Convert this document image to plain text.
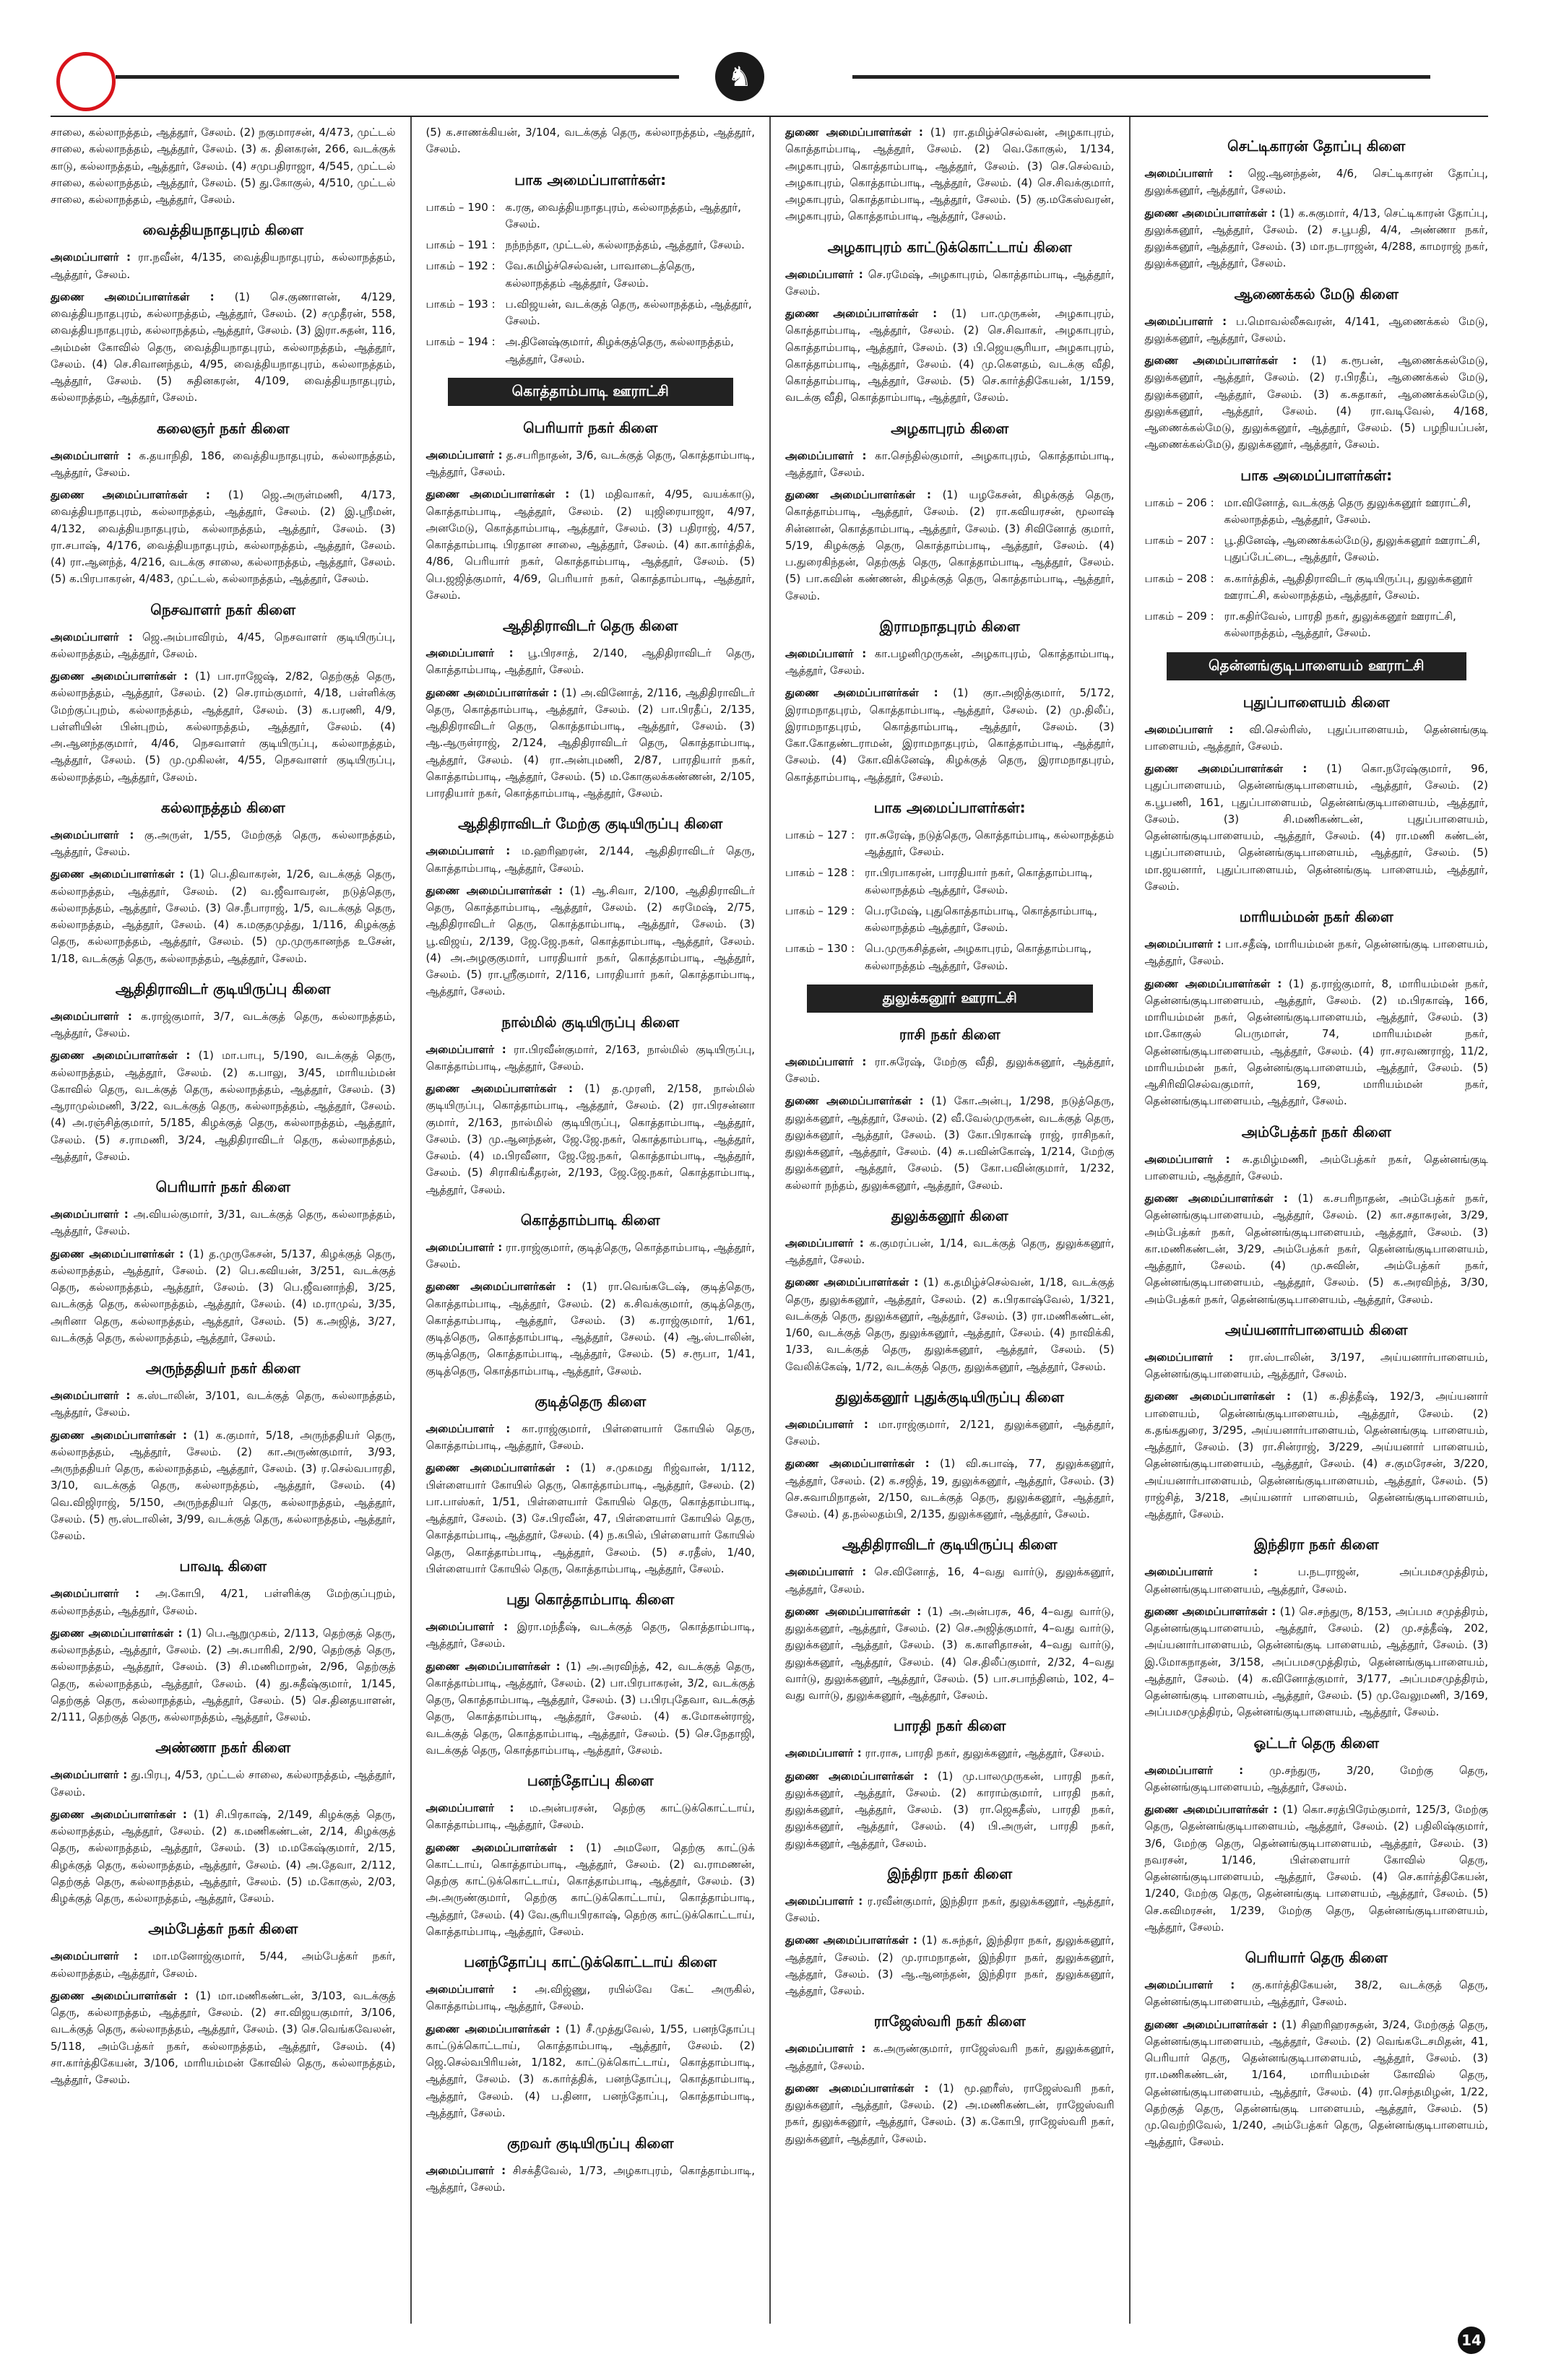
♞

சாலை, கல்லாநத்தம், ஆத்தூர், சேலம். (2) நகுமாரசன், 4/473, முட்டல் சாலை, கல்லாநத்தம், ஆத்தூர், சேலம். (3) க. தினகரன், 266, வடக்குக் காடு, கல்லாநத்தம், ஆத்தூர், சேலம். (4) சமுபதிராஜா, 4/545, முட்டல் சாலை, கல்லாநத்தம், ஆத்தூர், சேலம். (5) து.கோகுல், 4/510, முட்டல் சாலை, கல்லாநத்தம், ஆத்தூர், சேலம்.

வைத்தியநாதபுரம் கிளை

அமைப்பாளர் : ரா.நவீன், 4/135, வைத்தியநாதபுரம், கல்லாநத்தம், ஆத்தூர், சேலம்.

துணை அமைப்பாளர்கள் : (1) செ.குணாளன், 4/129, வைத்தியநாதபுரம், கல்லாநத்தம், ஆத்தூர், சேலம். (2) சமுதீரன், 558, வைத்தியநாதபுரம், கல்லாநத்தம், ஆத்தூர், சேலம். (3) இரா.சுதன், 116, அம்மன் கோவில் தெரு, வைத்தியநாதபுரம், கல்லாநத்தம், ஆத்தூர், சேலம். (4) செ.சிவானந்தம், 4/95, வைத்தியநாதபுரம், கல்லாநத்தம், ஆத்தூர், சேலம். (5) சுதினகரன், 4/109, வைத்தியநாதபுரம், கல்லாநத்தம், ஆத்தூர், சேலம்.

கலைஞர் நகர் கிளை

அமைப்பாளர் : க.தயாநிதி, 186, வைத்தியநாதபுரம், கல்லாநத்தம், ஆத்தூர், சேலம்.

துணை அமைப்பாளர்கள் : (1) ஜெ.அருள்மணி, 4/173, வைத்தியநாதபுரம், கல்லாநத்தம், ஆத்தூர், சேலம். (2) இ.ஸ்ரீமன், 4/132, வைத்தியநாதபுரம், கல்லாநத்தம், ஆத்தூர், சேலம். (3) ரா.சபாஷ், 4/176, வைத்தியநாதபுரம், கல்லாநத்தம், ஆத்தூர், சேலம். (4) ரா.ஆனந்த், 4/216, வடக்கு சாலை, கல்லாநத்தம், ஆத்தூர், சேலம். (5) க.பிரபாகரன், 4/483, முட்டல், கல்லாநத்தம், ஆத்தூர், சேலம்.

நெசவாளர் நகர் கிளை

அமைப்பாளர் : ஜெ.அம்பாவிரம், 4/45, நெசவாளர் குடியிருப்பு, கல்லாநத்தம், ஆத்தூர், சேலம்.

துணை அமைப்பாளர்கள் : (1) பா.ராஜேஷ், 2/82, தெற்குத் தெரு, கல்லாநத்தம், ஆத்தூர், சேலம். (2) செ.ராம்குமார், 4/18, பள்ளிக்கு மேற்குப்புறம், கல்லாநத்தம், ஆத்தூர், சேலம். (3) க.பரணி, 4/9, பள்ளியின் பின்புறம், கல்லாநத்தம், ஆத்தூர், சேலம். (4) அ.ஆனந்தகுமார், 4/46, நெசவாளர் குடியிருப்பு, கல்லாநத்தம், ஆத்தூர், சேலம். (5) மு.முகிலன், 4/55, நெசவாளர் குடியிருப்பு, கல்லாநத்தம், ஆத்தூர், சேலம்.

கல்லாநத்தம் கிளை

அமைப்பாளர் : கு.அருள், 1/55, மேற்குத் தெரு, கல்லாநத்தம், ஆத்தூர், சேலம்.

துணை அமைப்பாளர்கள் : (1) பெ.திவாகரன், 1/26, வடக்குத் தெரு, கல்லாநத்தம், ஆத்தூர், சேலம். (2) வ.ஜீவாவரன், நடுத்தெரு, கல்லாநத்தம், ஆத்தூர், சேலம். (3) செ.நீபாராஜ், 1/5, வடக்குத் தெரு, கல்லாநத்தம், ஆத்தூர், சேலம். (4) க.மகுதமுத்து, 1/116, கிழக்குத் தெரு, கல்லாநத்தம், ஆத்தூர், சேலம். (5) மு.முருகானந்த உசேன், 1/18, வடக்குத் தெரு, கல்லாநத்தம், ஆத்தூர், சேலம்.

ஆதிதிராவிடர் குடியிருப்பு கிளை

அமைப்பாளர் : க.ராஜ்குமார், 3/7, வடக்குத் தெரு, கல்லாநத்தம், ஆத்தூர், சேலம்.

துணை அமைப்பாளர்கள் : (1) மா.பாபு, 5/190, வடக்குத் தெரு, கல்லாநத்தம், ஆத்தூர், சேலம். (2) க.பாலு, 3/45, மாரியம்மன் கோவில் தெரு, வடக்குத் தெரு, கல்லாநத்தம், ஆத்தூர், சேலம். (3) ஆராமுல்மணி, 3/22, வடக்குத் தெரு, கல்லாநத்தம், ஆத்தூர், சேலம். (4) அ.ரஞ்சித்குமார், 5/185, கிழக்குத் தெரு, கல்லாநத்தம், ஆத்தூர், சேலம். (5) ச.ராமணி, 3/24, ஆதிதிராவிடர் தெரு, கல்லாநத்தம், ஆத்தூர், சேலம்.

பெரியார் நகர் கிளை

அமைப்பாளர் : அ.வியல்குமார், 3/31, வடக்குத் தெரு, கல்லாநத்தம், ஆத்தூர், சேலம்.

துணை அமைப்பாளர்கள் : (1) த.முருகேசன், 5/137, கிழக்குத் தெரு, கல்லாநத்தம், ஆத்தூர், சேலம். (2) பெ.கவியன், 3/251, வடக்குத் தெரு, கல்லாநத்தம், ஆத்தூர், சேலம். (3) பெ.ஜீவனாந்தி, 3/25, வடக்குத் தெரு, கல்லாநத்தம், ஆத்தூர், சேலம். (4) ம.ராமுவ், 3/35, அரினா தெரு, கல்லாநத்தம், ஆத்தூர், சேலம். (5) க.அஜித், 3/27, வடக்குத் தெரு, கல்லாநத்தம், ஆத்தூர், சேலம்.

அருந்ததியர் நகர் கிளை

அமைப்பாளர் : க.ஸ்டாலின், 3/101, வடக்குத் தெரு, கல்லாநத்தம், ஆத்தூர், சேலம்.

துணை அமைப்பாளர்கள் : (1) க.குமார், 5/18, அருந்ததியர் தெரு, கல்லாநத்தம், ஆத்தூர், சேலம். (2) கா.அருண்குமார், 3/93, அருந்ததியர் தெரு, கல்லாநத்தம், ஆத்தூர், சேலம். (3) ர.செல்வபாரதி, 3/10, வடக்குத் தெரு, கல்லாநத்தம், ஆத்தூர், சேலம். (4) வெ.விஜிராஜ், 5/150, அருந்ததியர் தெரு, கல்லாநத்தம், ஆத்தூர், சேலம். (5) ரூ.ஸ்டாலின், 3/99, வடக்குத் தெரு, கல்லாநத்தம், ஆத்தூர், சேலம்.

பாவடி கிளை

அமைப்பாளர் : அ.கோபி, 4/21, பள்ளிக்கு மேற்குப்புறம், கல்லாநத்தம், ஆத்தூர், சேலம்.

துணை அமைப்பாளர்கள் : (1) பெ.ஆறுமுகம், 2/113, தெற்குத் தெரு, கல்லாநத்தம், ஆத்தூர், சேலம். (2) அ.சுபாரிகி, 2/90, தெற்குத் தெரு, கல்லாநத்தம், ஆத்தூர், சேலம். (3) சி.மணிமாறன், 2/96, தெற்குத் தெரு, கல்லாநத்தம், ஆத்தூர், சேலம். (4) து.சுதீஷ்குமார், 1/145, தெற்குத் தெரு, கல்லாநத்தம், ஆத்தூர், சேலம். (5) செ.தினதயாளன், 2/111, தெற்குத் தெரு, கல்லாநத்தம், ஆத்தூர், சேலம்.

அண்ணா நகர் கிளை

அமைப்பாளர் : து.பிரபு, 4/53, முட்டல் சாலை, கல்லாநத்தம், ஆத்தூர், சேலம்.

துணை அமைப்பாளர்கள் : (1) சி.பிரகாஷ், 2/149, கிழக்குத் தெரு, கல்லாநத்தம், ஆத்தூர், சேலம். (2) க.மணிகண்டன், 2/14, கிழக்குத் தெரு, கல்லாநத்தம், ஆத்தூர், சேலம். (3) ம.மகேஷ்குமார், 2/15, கிழக்குத் தெரு, கல்லாநத்தம், ஆத்தூர், சேலம். (4) அ.தேவா, 2/112, தெற்குத் தெரு, கல்லாநத்தம், ஆத்தூர், சேலம். (5) ம.கோகுல், 2/03, கிழக்குத் தெரு, கல்லாநத்தம், ஆத்தூர், சேலம்.

அம்பேத்கர் நகர் கிளை

அமைப்பாளர் : மா.மனோஜ்குமார், 5/44, அம்பேத்கர் நகர், கல்லாநத்தம், ஆத்தூர், சேலம்.

துணை அமைப்பாளர்கள் : (1) மா.மணிகண்டன், 3/103, வடக்குத் தெரு, கல்லாநத்தம், ஆத்தூர், சேலம். (2) சா.விஜயகுமார், 3/106, வடக்குத் தெரு, கல்லாநத்தம், ஆத்தூர், சேலம். (3) செ.வெங்கவேலன், 5/118, அம்பேத்கர் நகர், கல்லாநத்தம், ஆத்தூர், சேலம். (4) சா.கார்த்திகேயன், 3/106, மாரியம்மன் கோவில் தெரு, கல்லாநத்தம், ஆத்தூர், சேலம்.

(5) க.சாணக்கியன், 3/104, வடக்குத் தெரு, கல்லாநத்தம், ஆத்தூர், சேலம்.

பாக அமைப்பாளர்கள்:
பாகம் – 190 : க.ரகு, வைத்தியநாதபுரம், கல்லாநத்தம், ஆத்தூர், சேலம்.
பாகம் – 191 : நந்நந்தா, முட்டல், கல்லாநத்தம், ஆத்தூர், சேலம்.
பாகம் – 192 : வே.கமிழ்ச்செல்வன், பாவாடைத்தெரு, கல்லாநத்தம் ஆத்தூர், சேலம்.
பாகம் – 193 : ப.விஜயன், வடக்குத் தெரு, கல்லாநத்தம், ஆத்தூர், சேலம்.
பாகம் – 194 : அ.தினேஷ்குமார், கிழக்குத்தெரு, கல்லாநத்தம், ஆத்தூர், சேலம்.
கொத்தாம்பாடி ஊராட்சி
பெரியார் நகர் கிளை

அமைப்பாளர் : த.சபரிநாதன், 3/6, வடக்குத் தெரு, கொத்தாம்பாடி, ஆத்தூர், சேலம்.

துணை அமைப்பாளர்கள் : (1) மதிவாகர், 4/95, வயக்காடு, கொத்தாம்பாடி, ஆத்தூர், சேலம். (2) யுஜிரையாஜா, 4/97, அனமேடு, கொத்தாம்பாடி, ஆத்தூர், சேலம். (3) பதிராஜ், 4/57, கொத்தாம்பாடி பிரதான சாலை, ஆத்தூர், சேலம். (4) கா.கார்த்திக், 4/86, பெரியார் நகர், கொத்தாம்பாடி, ஆத்தூர், சேலம். (5) பெ.ஜஜித்குமார், 4/69, பெரியார் நகர், கொத்தாம்பாடி, ஆத்தூர், சேலம்.

ஆதிதிராவிடர் தெரு கிளை

அமைப்பாளர் : பூ.பிரசாத், 2/140, ஆதிதிராவிடர் தெரு, கொத்தாம்பாடி, ஆத்தூர், சேலம்.

துணை அமைப்பாளர்கள் : (1) அ.வினோத், 2/116, ஆதிதிராவிடர் தெரு, கொத்தாம்பாடி, ஆத்தூர், சேலம். (2) பா.பிரதீப், 2/135, ஆதிதிராவிடர் தெரு, கொத்தாம்பாடி, ஆத்தூர், சேலம். (3) ஆ.ஆருள்ராஜ், 2/124, ஆதிதிராவிடர் தெரு, கொத்தாம்பாடி, ஆத்தூர், சேலம். (4) ரா.அன்புமணி, 2/87, பாரதியார் நகர், கொத்தாம்பாடி, ஆத்தூர், சேலம். (5) ம.கோகுலக்கண்ணன், 2/105, பாரதியார் நகர், கொத்தாம்பாடி, ஆத்தூர், சேலம்.

ஆதிதிராவிடர் மேற்கு குடியிருப்பு கிளை

அமைப்பாளர் : ம.ஹரிஹரன், 2/144, ஆதிதிராவிடர் தெரு, கொத்தாம்பாடி, ஆத்தூர், சேலம்.

துணை அமைப்பாளர்கள் : (1) ஆ.சிவா, 2/100, ஆதிதிராவிடர் தெரு, கொத்தாம்பாடி, ஆத்தூர், சேலம். (2) சுரமேஷ், 2/75, ஆதிதிராவிடர் தெரு, கொத்தாம்பாடி, ஆத்தூர், சேலம். (3) பூ.விஜய், 2/139, ஜே.ஜே.நகர், கொத்தாம்பாடி, ஆத்தூர், சேலம். (4) அ.அழகுகுமார், பாரதியார் நகர், கொத்தாம்பாடி, ஆத்தூர், சேலம். (5) ரா.ஸ்ரீகுமார், 2/116, பாரதியார் நகர், கொத்தாம்பாடி, ஆத்தூர், சேலம்.

நால்மில் குடியிருப்பு கிளை

அமைப்பாளர் : ரா.பிரவீன்குமார், 2/163, நால்மில் குடியிருப்பு, கொத்தாம்பாடி, ஆத்தூர், சேலம்.

துணை அமைப்பாளர்கள் : (1) த.முரளி, 2/158, நால்மில் குடியிருப்பு, கொத்தாம்பாடி, ஆத்தூர், சேலம். (2) ரா.பிரசன்னா குமார், 2/163, நால்மில் குடியிருப்பு, கொத்தாம்பாடி, ஆத்தூர், சேலம். (3) மு.ஆனந்தன், ஜே.ஜே.நகர், கொத்தாம்பாடி, ஆத்தூர், சேலம். (4) ம.பிரவீனா, ஜே.ஜே.நகர், கொத்தாம்பாடி, ஆத்தூர், சேலம். (5) சிராகிங்கீதரன், 2/193, ஜே.ஜே.நகர், கொத்தாம்பாடி, ஆத்தூர், சேலம்.

கொத்தாம்பாடி கிளை

அமைப்பாளர் : ரா.ராஜ்குமார், குடித்தெரு, கொத்தாம்பாடி, ஆத்தூர், சேலம்.

துணை அமைப்பாளர்கள் : (1) ரா.வெங்கடேஷ், குடித்தெரு, கொத்தாம்பாடி, ஆத்தூர், சேலம். (2) க.சிவக்குமார், குடித்தெரு, கொத்தாம்பாடி, ஆத்தூர், சேலம். (3) க.ராஜ்குமார், 1/61, குடித்தெரு, கொத்தாம்பாடி, ஆத்தூர், சேலம். (4) ஆ.ஸ்டாலின், குடித்தெரு, கொத்தாம்பாடி, ஆத்தூர், சேலம். (5) ச.ரூபா, 1/41, குடித்தெரு, கொத்தாம்பாடி, ஆத்தூர், சேலம்.

குடித்தெரு கிளை

அமைப்பாளர் : கா.ராஜ்குமார், பிள்ளையார் கோயில் தெரு, கொத்தாம்பாடி, ஆத்தூர், சேலம்.

துணை அமைப்பாளர்கள் : (1) ச.முகமது ரிஜ்வான், 1/112, பிள்ளையார் கோயில் தெரு, கொத்தாம்பாடி, ஆத்தூர், சேலம். (2) பா.பாஸ்கர், 1/51, பிள்ளையார் கோயில் தெரு, கொத்தாம்பாடி, ஆத்தூர், சேலம். (3) சே.பிரவீன், 47, பிள்ளையார் கோயில் தெரு, கொத்தாம்பாடி, ஆத்தூர், சேலம். (4) ந.கபில், பிள்ளையார் கோயில் தெரு, கொத்தாம்பாடி, ஆத்தூர், சேலம். (5) ச.ரதீஸ், 1/40, பிள்ளையார் கோயில் தெரு, கொத்தாம்பாடி, ஆத்தூர், சேலம்.

புது கொத்தாம்பாடி கிளை

அமைப்பாளர் : இரா.மந்தீஷ், வடக்குத் தெரு, கொத்தாம்பாடி, ஆத்தூர், சேலம்.

துணை அமைப்பாளர்கள் : (1) அ.அரவிந்த், 42, வடக்குத் தெரு, கொத்தாம்பாடி, ஆத்தூர், சேலம். (2) பா.பிரபாகரன், 3/2, வடக்குத் தெரு, கொத்தாம்பாடி, ஆத்தூர், சேலம். (3) ப.பிரபுதேவா, வடக்குத் தெரு, கொத்தாம்பாடி, ஆத்தூர், சேலம். (4) க.மோகன்ராஜ், வடக்குத் தெரு, கொத்தாம்பாடி, ஆத்தூர், சேலம். (5) செ.நேதாஜி, வடக்குத் தெரு, கொத்தாம்பாடி, ஆத்தூர், சேலம்.

பனந்தோப்பு கிளை

அமைப்பாளர் : ம.அன்பரசன், தெற்கு காட்டுக்கொட்டாய், கொத்தாம்பாடி, ஆத்தூர், சேலம்.

துணை அமைப்பாளர்கள் : (1) அமலோ, தெற்கு காட்டுக் கொட்டாய், கொத்தாம்பாடி, ஆத்தூர், சேலம். (2) வ.ராமணன், தெற்கு காட்டுக்கொட்டாய், கொத்தாம்பாடி, ஆத்தூர், சேலம். (3) அ.அருண்குமார், தெற்கு காட்டுக்கொட்டாய், கொத்தாம்பாடி, ஆத்தூர், சேலம். (4) வே.சூரியபிரகாஷ், தெற்கு காட்டுக்கொட்டாய், கொத்தாம்பாடி, ஆத்தூர், சேலம்.

பனந்தோப்பு காட்டுக்கொட்டாய் கிளை

அமைப்பாளர் : அ.விஜ்ணு, ரயில்வே கேட் அருகில், கொத்தாம்பாடி, ஆத்தூர், சேலம்.

துணை அமைப்பாளர்கள் : (1) சீ.முத்துவேல், 1/55, பனந்தோப்பு காட்டுக்கொட்டாய், கொத்தாம்பாடி, ஆத்தூர், சேலம். (2) ஜெ.செல்வபிரியன், 1/182, காட்டுக்கொட்டாய், கொத்தாம்பாடி, ஆத்தூர், சேலம். (3) க.கார்த்திக், பனந்தோப்பு, கொத்தாம்பாடி, ஆத்தூர், சேலம். (4) ப.தினா, பனந்தோப்பு, கொத்தாம்பாடி, ஆத்தூர், சேலம்.

குறவர் குடியிருப்பு கிளை

அமைப்பாளர் : சிசக்தீவேல், 1/73, அழகாபுரம், கொத்தாம்பாடி, ஆத்தூர், சேலம்.

துணை அமைப்பாளர்கள் : (1) ரா.தமிழ்ச்செல்வன், அழகாபுரம், கொத்தாம்பாடி, ஆத்தூர், சேலம். (2) வெ.கோகுல், 1/134, அழகாபுரம், கொத்தாம்பாடி, ஆத்தூர், சேலம். (3) செ.செல்வம், அழகாபுரம், கொத்தாம்பாடி, ஆத்தூர், சேலம். (4) செ.சிவக்குமார், அழகாபுரம், கொத்தாம்பாடி, ஆத்தூர், சேலம். (5) கு.மகேஸ்வரன், அழகாபுரம், கொத்தாம்பாடி, ஆத்தூர், சேலம்.

அழகாபுரம் காட்டுக்கொட்டாய் கிளை

அமைப்பாளர் : செ.ரமேஷ், அழகாபுரம், கொத்தாம்பாடி, ஆத்தூர், சேலம்.

துணை அமைப்பாளர்கள் : (1) பா.முருகன், அழகாபுரம், கொத்தாம்பாடி, ஆத்தூர், சேலம். (2) செ.சிவாகர், அழகாபுரம், கொத்தாம்பாடி, ஆத்தூர், சேலம். (3) பி.ஜெயசூரியா, அழகாபுரம், கொத்தாம்பாடி, ஆத்தூர், சேலம். (4) மு.கௌதம், வடக்கு வீதி, கொத்தாம்பாடி, ஆத்தூர், சேலம். (5) செ.கார்த்திகேயன், 1/159, வடக்கு வீதி, கொத்தாம்பாடி, ஆத்தூர், சேலம்.

அழகாபுரம் கிளை

அமைப்பாளர் : கா.செந்தில்குமார், அழகாபுரம், கொத்தாம்பாடி, ஆத்தூர், சேலம்.

துணை அமைப்பாளர்கள் : (1) யழகேசன், கிழக்குத் தெரு, கொத்தாம்பாடி, ஆத்தூர், சேலம். (2) ரா.கவியரசன், மூலாஷ் சின்னான், கொத்தாம்பாடி, ஆத்தூர், சேலம். (3) சிவினோத் குமார், 5/19, கிழக்குத் தெரு, கொத்தாம்பாடி, ஆத்தூர், சேலம். (4) ப.துரைகிந்தன், தெற்குத் தெரு, கொத்தாம்பாடி, ஆத்தூர், சேலம். (5) பா.கவின் கண்ணன், கிழக்குத் தெரு, கொத்தாம்பாடி, ஆத்தூர், சேலம்.

இராமநாதபுரம் கிளை

அமைப்பாளர் : கா.பழனிமுருகன், அழகாபுரம், கொத்தாம்பாடி, ஆத்தூர், சேலம்.

துணை அமைப்பாளர்கள் : (1) குா.அஜித்குமார், 5/172, இராமநாதபுரம், கொத்தாம்பாடி, ஆத்தூர், சேலம். (2) மு.திலீப், இராமநாதபுரம், கொத்தாம்பாடி, ஆத்தூர், சேலம். (3) கோ.கோதண்டராமன், இராமநாதபுரம், கொத்தாம்பாடி, ஆத்தூர், சேலம். (4) கோ.விக்னேஷ், கிழக்குத் தெரு, இராமநாதபுரம், கொத்தாம்பாடி, ஆத்தூர், சேலம்.

பாக அமைப்பாளர்கள்:
பாகம் – 127 : ரா.சுரேஷ், நடுத்தெரு, கொத்தாம்பாடி, கல்லாநத்தம் ஆத்தூர், சேலம்.
பாகம் – 128 : ரா.பிரபாகரன், பாரதியார் நகர், கொத்தாம்பாடி, கல்லாநத்தம் ஆத்தூர், சேலம்.
பாகம் – 129 : பெ.ரமேஷ், புதுகொத்தாம்பாடி, கொத்தாம்பாடி, கல்லாநத்தம் ஆத்தூர், சேலம்.
பாகம் – 130 : பெ.முருகசித்தன், அழகாபுரம், கொத்தாம்பாடி, கல்லாநத்தம் ஆத்தூர், சேலம்.
துலுக்கனூர் ஊராட்சி
ராசி நகர் கிளை

அமைப்பாளர் : ரா.சுரேஷ், மேற்கு வீதி, துலுக்கனூர், ஆத்தூர், சேலம்.

துணை அமைப்பாளர்கள் : (1) கோ.அன்பு, 1/298, நடுத்தெரு, துலுக்கனூர், ஆத்தூர், சேலம். (2) வீ.வேல்முருகன், வடக்குத் தெரு, துலுக்கனூர், ஆத்தூர், சேலம். (3) கோ.பிரகாஷ் ராஜ், ராசிநகர், துலுக்கனூர், ஆத்தூர், சேலம். (4) சு.பவின்கோஷ், 1/214, மேற்கு துலுக்கனூர், ஆத்தூர், சேலம். (5) கோ.பவின்குமார், 1/232, கல்லார் நந்தம், துலுக்கனூர், ஆத்தூர், சேலம்.

துலுக்கனூர் கிளை

அமைப்பாளர் : க.குமரப்பன், 1/14, வடக்குத் தெரு, துலுக்கனூர், ஆத்தூர், சேலம்.

துணை அமைப்பாளர்கள் : (1) க.தமிழ்ச்செல்வன், 1/18, வடக்குத் தெரு, துலுக்கனூர், ஆத்தூர், சேலம். (2) க.பிரகாஷ்வேல், 1/321, வடக்குத் தெரு, துலுக்கனூர், ஆத்தூர், சேலம். (3) ரா.மணிகண்டன், 1/60, வடக்குத் தெரு, துலுக்கனூர், ஆத்தூர், சேலம். (4) நாவிக்கி, 1/33, வடக்குத் தெரு, துலுக்கனூர், ஆத்தூர், சேலம். (5) வேலிக்கேஷ், 1/72, வடக்குத் தெரு, துலுக்கனூர், ஆத்தூர், சேலம்.

துலுக்கனூர் புதுக்குடியிருப்பு கிளை

அமைப்பாளர் : மா.ராஜ்குமார், 2/121, துலுக்கனூர், ஆத்தூர், சேலம்.

துணை அமைப்பாளர்கள் : (1) வி.சுபாஷ், 77, துலுக்கனூர், ஆத்தூர், சேலம். (2) க.சஜித், 19, துலுக்கனூர், ஆத்தூர், சேலம். (3) செ.சுவாமிநாதன், 2/150, வடக்குத் தெரு, துலுக்கனூர், ஆத்தூர், சேலம். (4) த.நல்லதம்பி, 2/135, துலுக்கனூர், ஆத்தூர், சேலம்.

ஆதிதிராவிடர் குடியிருப்பு கிளை

அமைப்பாளர் : செ.வினோத், 16, 4–வது வார்டு, துலுக்கனூர், ஆத்தூர், சேலம்.

துணை அமைப்பாளர்கள் : (1) அ.அன்பரசு, 46, 4–வது வார்டு, துலுக்கனூர், ஆத்தூர், சேலம். (2) செ.அஜித்குமார், 4–வது வார்டு, துலுக்கனூர், ஆத்தூர், சேலம். (3) க.காளிதாசன், 4–வது வார்டு, துலுக்கனூர், ஆத்தூர், சேலம். (4) செ.திலீப்குமார், 2/32, 4–வது வார்டு, துலுக்கனூர், ஆத்தூர், சேலம். (5) பா.சபாந்தினம், 102, 4–வது வார்டு, துலுக்கனூர், ஆத்தூர், சேலம்.

பாரதி நகர் கிளை

அமைப்பாளர் : ரா.ராசு, பாரதி நகர், துலுக்கனூர், ஆத்தூர், சேலம்.

துணை அமைப்பாளர்கள் : (1) மு.பாலமுருகன், பாரதி நகர், துலுக்கனூர், ஆத்தூர், சேலம். (2) காராம்குமார், பாரதி நகர், துலுக்கனூர், ஆத்தூர், சேலம். (3) ரா.ஜெகதீஸ், பாரதி நகர், துலுக்கனூர், ஆத்தூர், சேலம். (4) பி.அருள், பாரதி நகர், துலுக்கனூர், ஆத்தூர், சேலம்.

இந்திரா நகர் கிளை

அமைப்பாளர் : ர.ரவீன்குமார், இந்திரா நகர், துலுக்கனூர், ஆத்தூர், சேலம்.

துணை அமைப்பாளர்கள் : (1) க.சுந்தர், இந்திரா நகர், துலுக்கனூர், ஆத்தூர், சேலம். (2) மு.ராமநாதன், இந்திரா நகர், துலுக்கனூர், ஆத்தூர், சேலம். (3) ஆ.ஆனந்தன், இந்திரா நகர், துலுக்கனூர், ஆத்தூர், சேலம்.

ராஜேஸ்வரி நகர் கிளை

அமைப்பாளர் : க.அருண்குமார், ராஜேஸ்வரி நகர், துலுக்கனூர், ஆத்தூர், சேலம்.

துணை அமைப்பாளர்கள் : (1) மூ.ஹரீஸ், ராஜேஸ்வரி நகர், துலுக்கனூர், ஆத்தூர், சேலம். (2) அ.மணிகண்டன், ராஜேஸ்வரி நகர், துலுக்கனூர், ஆத்தூர், சேலம். (3) க.கோபி, ராஜேஸ்வரி நகர், துலுக்கனூர், ஆத்தூர், சேலம்.

செட்டிகாரன் தோப்பு கிளை

அமைப்பாளர் : ஜெ.ஆனந்தன், 4/6, செட்டிகாரன் தோப்பு, துலுக்கனூர், ஆத்தூர், சேலம்.

துணை அமைப்பாளர்கள் : (1) க.சுகுமார், 4/13, செட்டிகாரன் தோப்பு, துலுக்கனூர், ஆத்தூர், சேலம். (2) ச.பூபதி, 4/4, அண்ணா நகர், துலுக்கனூர், ஆத்தூர், சேலம். (3) மா.நடராஜன், 4/288, காமராஜ் நகர், துலுக்கனூர், ஆத்தூர், சேலம்.

ஆணைக்கல் மேடு கிளை

அமைப்பாளர் : ப.மொவல்லீசுவரன், 4/141, ஆணைக்கல் மேடு, துலுக்கனூர், ஆத்தூர், சேலம்.

துணை அமைப்பாளர்கள் : (1) க.ரூபன், ஆணைக்கல்மேடு, துலுக்கனூர், ஆத்தூர், சேலம். (2) ர.பிரதீப், ஆணைக்கல் மேடு, துலுக்கனூர், ஆத்தூர், சேலம். (3) க.சுதாகர், ஆணைக்கல்மேடு, துலுக்கனூர், ஆத்தூர், சேலம். (4) ரா.வடிவேல், 4/168, ஆணைக்கல்மேடு, துலுக்கனூர், ஆத்தூர், சேலம். (5) பழநியப்பன், ஆணைக்கல்மேடு, துலுக்கனூர், ஆத்தூர், சேலம்.

பாக அமைப்பாளர்கள்:
பாகம் – 206 : மா.வினோத், வடக்குத் தெரு துலுக்கனூர் ஊராட்சி, கல்லாநத்தம், ஆத்தூர், சேலம்.
பாகம் – 207 : பூ.தினேஷ், ஆணைக்கல்மேடு, துலுக்கனூர் ஊராட்சி, புதுப்பேட்டை, ஆத்தூர், சேலம்.
பாகம் – 208 : க.கார்த்திக், ஆதிதிராவிடர் குடியிருப்பு, துலுக்கனூர் ஊராட்சி, கல்லாநத்தம், ஆத்தூர், சேலம்.
பாகம் – 209 : ரா.கதிர்வேல், பாரதி நகர், துலுக்கனூர் ஊராட்சி, கல்லாநத்தம், ஆத்தூர், சேலம்.
தென்னங்குடிபாளையம் ஊராட்சி
புதுப்பாளையம் கிளை

அமைப்பாளர் : வி.செல்ரிஸ், புதுப்பாளையம், தென்னங்குடி பாளையம், ஆத்தூர், சேலம்.

துணை அமைப்பாளர்கள் : (1) கொ.நரேஷ்குமார், 96, புதுப்பாளையம், தென்னங்குடிபாளையம், ஆத்தூர், சேலம். (2) க.பூபணி, 161, புதுப்பாளையம், தென்னங்குடிபாளையம், ஆத்தூர், சேலம். (3) சி.மணிகண்டன், புதுப்பாளையம், தென்னங்குடிபாளையம், ஆத்தூர், சேலம். (4) ரா.மணி கண்டன், புதுப்பாளையம், தென்னங்குடிபாளையம், ஆத்தூர், சேலம். (5) மா.ஜயனார், புதுப்பாளையம், தென்னங்குடி பாளையம், ஆத்தூர், சேலம்.

மாரியம்மன் நகர் கிளை

அமைப்பாளர் : பா.சதீஷ், மாரியம்மன் நகர், தென்னங்குடி பாளையம், ஆத்தூர், சேலம்.

துணை அமைப்பாளர்கள் : (1) த.ராஜ்குமார், 8, மாரியம்மன் நகர், தென்னங்குடிபாளையம், ஆத்தூர், சேலம். (2) ம.பிரகாஷ், 166, மாரியம்மன் நகர், தென்னங்குடிபாளையம், ஆத்தூர், சேலம். (3) மா.கோகுல் பெருமாள், 74, மாரியம்மன் நகர், தென்னங்குடிபாளையம், ஆத்தூர், சேலம். (4) ரா.சரவணராஜ், 11/2, மாரியம்மன் நகர், தென்னங்குடிபாளையம், ஆத்தூர், சேலம். (5) ஆசிரிவிசெல்வகுமார், 169, மாரியம்மன் நகர், தென்னங்குடிபாளையம், ஆத்தூர், சேலம்.

அம்பேத்கர் நகர் கிளை

அமைப்பாளர் : சு.தமிழ்மணி, அம்பேத்கர் நகர், தென்னங்குடி பாளையம், ஆத்தூர், சேலம்.

துணை அமைப்பாளர்கள் : (1) க.சபரிநாதன், அம்பேத்கர் நகர், தென்னங்குடிபாளையம், ஆத்தூர், சேலம். (2) கா.சதாசுரன், 3/29, அம்பேத்கர் நகர், தென்னங்குடிபாளையம், ஆத்தூர், சேலம். (3) கா.மணிகண்டன், 3/29, அம்பேத்கர் நகர், தென்னங்குடிபாளையம், ஆத்தூர், சேலம். (4) மு.சுவின், அம்பேத்கர் நகர், தென்னங்குடிபாளையம், ஆத்தூர், சேலம். (5) க.அரவிந்த், 3/30, அம்பேத்கர் நகர், தென்னங்குடிபாளையம், ஆத்தூர், சேலம்.

அய்யனார்பாளையம் கிளை

அமைப்பாளர் : ரா.ஸ்டாலின், 3/197, அய்யனார்பாளையம், தென்னங்குடிபாளையம், ஆத்தூர், சேலம்.

துணை அமைப்பாளர்கள் : (1) க.தித்தீஷ், 192/3, அய்யனார் பாளையம், தென்னங்குடிபாளையம், ஆத்தூர், சேலம். (2) க.தங்கதுரை, 3/295, அய்யனார்பாளையம், தென்னங்குடி பாளையம், ஆத்தூர், சேலம். (3) ரா.சின்ராஜ், 3/229, அய்யனார் பாளையம், தென்னங்குடிபாளையம், ஆத்தூர், சேலம். (4) ச.குமரேசன், 3/220, அய்யனார்பாளையம், தென்னங்குடிபாளையம், ஆத்தூர், சேலம். (5) ராஜ்சித், 3/218, அய்யனார் பாளையம், தென்னங்குடிபாளையம், ஆத்தூர், சேலம்.

இந்திரா நகர் கிளை

அமைப்பாளர் : ப.நடராஜன், அப்பமசமுத்திரம், தென்னங்குடிபாளையம், ஆத்தூர், சேலம்.

துணை அமைப்பாளர்கள் : (1) செ.சந்துரு, 8/153, அப்பம சமுத்திரம், தென்னங்குடிபாளையம், ஆத்தூர், சேலம். (2) மு.சத்தீஷ், 202, அய்யனார்பாளையம், தென்னங்குடி பாளையம், ஆத்தூர், சேலம். (3) இ.மோகநாதன், 3/158, அப்பமசமுத்திரம், தென்னங்குடிபாளையம், ஆத்தூர், சேலம். (4) க.வினோத்குமார், 3/177, அப்பமசமுத்திரம், தென்னங்குடி பாளையம், ஆத்தூர், சேலம். (5) மு.வேலுமணி, 3/169, அப்பமசமுத்திரம், தென்னங்குடிபாளையம், ஆத்தூர், சேலம்.

ஓட்டர் தெரு கிளை

அமைப்பாளர் : மு.சந்துரு, 3/20, மேற்கு தெரு, தென்னங்குடிபாளையம், ஆத்தூர், சேலம்.

துணை அமைப்பாளர்கள் : (1) கொ.சரத்பிரேம்குமார், 125/3, மேற்கு தெரு, தென்னங்குடிபாளையம், ஆத்தூர், சேலம். (2) பதிலிஷ்குமார், 3/6, மேற்கு தெரு, தென்னங்குடிபாளையம், ஆத்தூர், சேலம். (3) நவரசன், 1/146, பிள்ளையார் கோவில் தெரு, தென்னங்குடிபாளையம், ஆத்தூர், சேலம். (4) செ.கார்த்திகேயன், 1/240, மேற்கு தெரு, தென்னங்குடி பாளையம், ஆத்தூர், சேலம். (5) செ.கவிமரசன், 1/239, மேற்கு தெரு, தென்னங்குடிபாளையம், ஆத்தூர், சேலம்.

பெரியார் தெரு கிளை

அமைப்பாளர் : கு.கார்த்திகேயன், 38/2, வடக்குத் தெரு, தென்னங்குடிபாளையம், ஆத்தூர், சேலம்.

துணை அமைப்பாளர்கள் : (1) சிஹரிஹரசுதன், 3/24, மேற்குத் தெரு, தென்னங்குடிபாளையம், ஆத்தூர், சேலம். (2) வெங்கடேசமிதன், 41, பெரியார் தெரு, தென்னங்குடிபாளையம், ஆத்தூர், சேலம். (3) ரா.மணிகண்டன், 1/164, மாரியம்மன் கோவில் தெரு, தென்னங்குடிபாளையம், ஆத்தூர், சேலம். (4) ரா.செந்தமிழன், 1/22, தெற்குத் தெரு, தென்னங்குடி பாளையம், ஆத்தூர், சேலம். (5) மு.வெற்றிவேல், 1/240, அம்பேத்கர் தெரு, தென்னங்குடிபாளையம், ஆத்தூர், சேலம்.

14
